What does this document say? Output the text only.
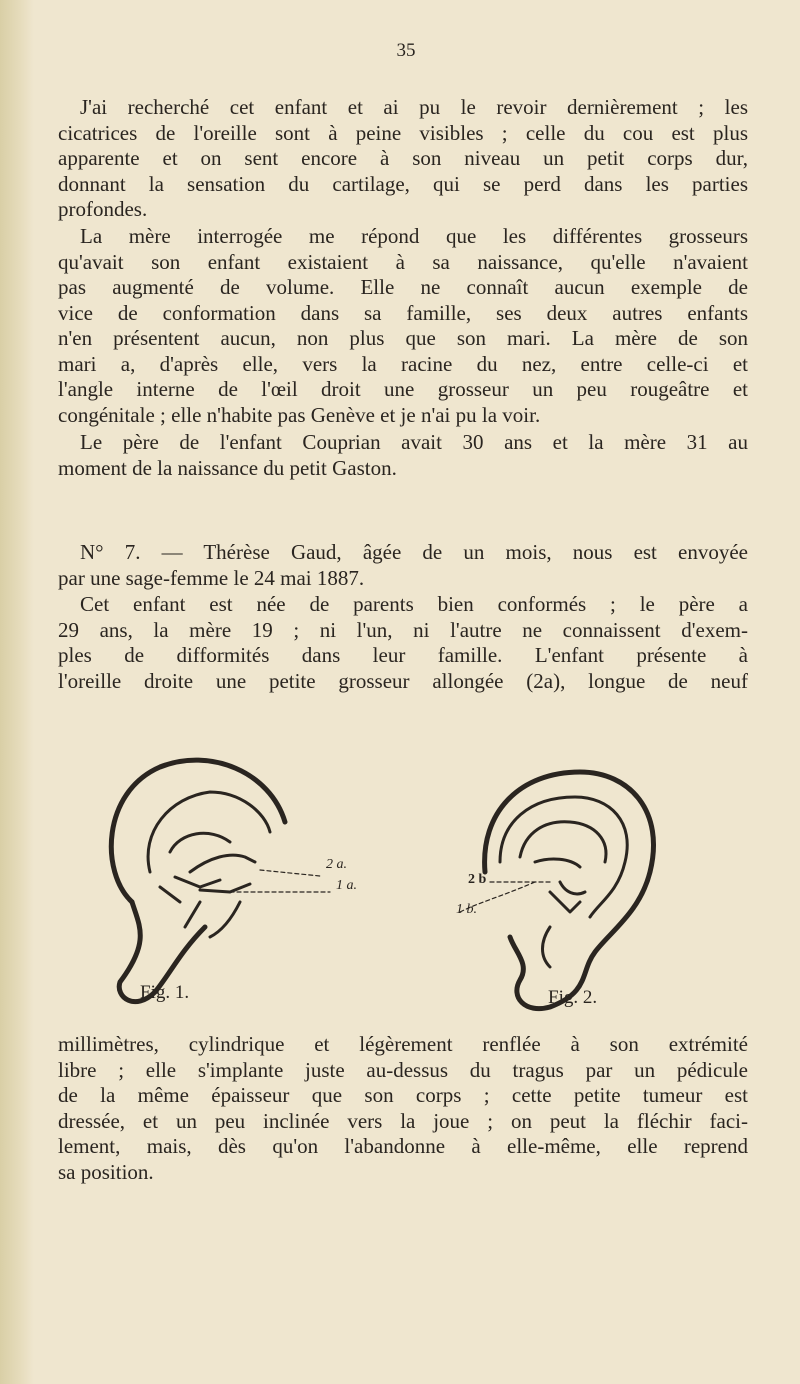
35

J'ai recherché cet enfant et ai pu le revoir dernièrement ; les
cicatrices de l'oreille sont à peine visibles ; celle du cou est plus
apparente et on sent encore à son niveau un petit corps dur,
donnant la sensation du cartilage, qui se perd dans les parties
profondes.

La mère interrogée me répond que les différentes grosseurs
qu'avait son enfant existaient à sa naissance, qu'elle n'avaient
pas augmenté de volume. Elle ne connaît aucun exemple de
vice de conformation dans sa famille, ses deux autres enfants
n'en présentent aucun, non plus que son mari. La mère de son
mari a, d'après elle, vers la racine du nez, entre celle-ci et
l'angle interne de l'œil droit une grosseur un peu rougeâtre et
congénitale ; elle n'habite pas Genève et je n'ai pu la voir.

Le père de l'enfant Couprian avait 30 ans et la mère 31 au
moment de la naissance du petit Gaston.

N° 7. — Thérèse Gaud, âgée de un mois, nous est envoyée
par une sage-femme le 24 mai 1887.

Cet enfant est née de parents bien conformés ; le père a
29 ans, la mère 19 ; ni l'un, ni l'autre ne connaissent d'exem-
ples de difformités dans leur famille. L'enfant présente à
l'oreille droite une petite grosseur allongée (2a), longue de neuf

2 a.
1 a.	2 b
1 b.
Fig. 1.	Fig. 2.

millimètres, cylindrique et légèrement renflée à son extrémité
libre ; elle s'implante juste au-dessus du tragus par un pédicule
de la même épaisseur que son corps ; cette petite tumeur est
dressée, et un peu inclinée vers la joue ; on peut la fléchir faci-
lement, mais, dès qu'on l'abandonne à elle-même, elle reprend
sa position.
